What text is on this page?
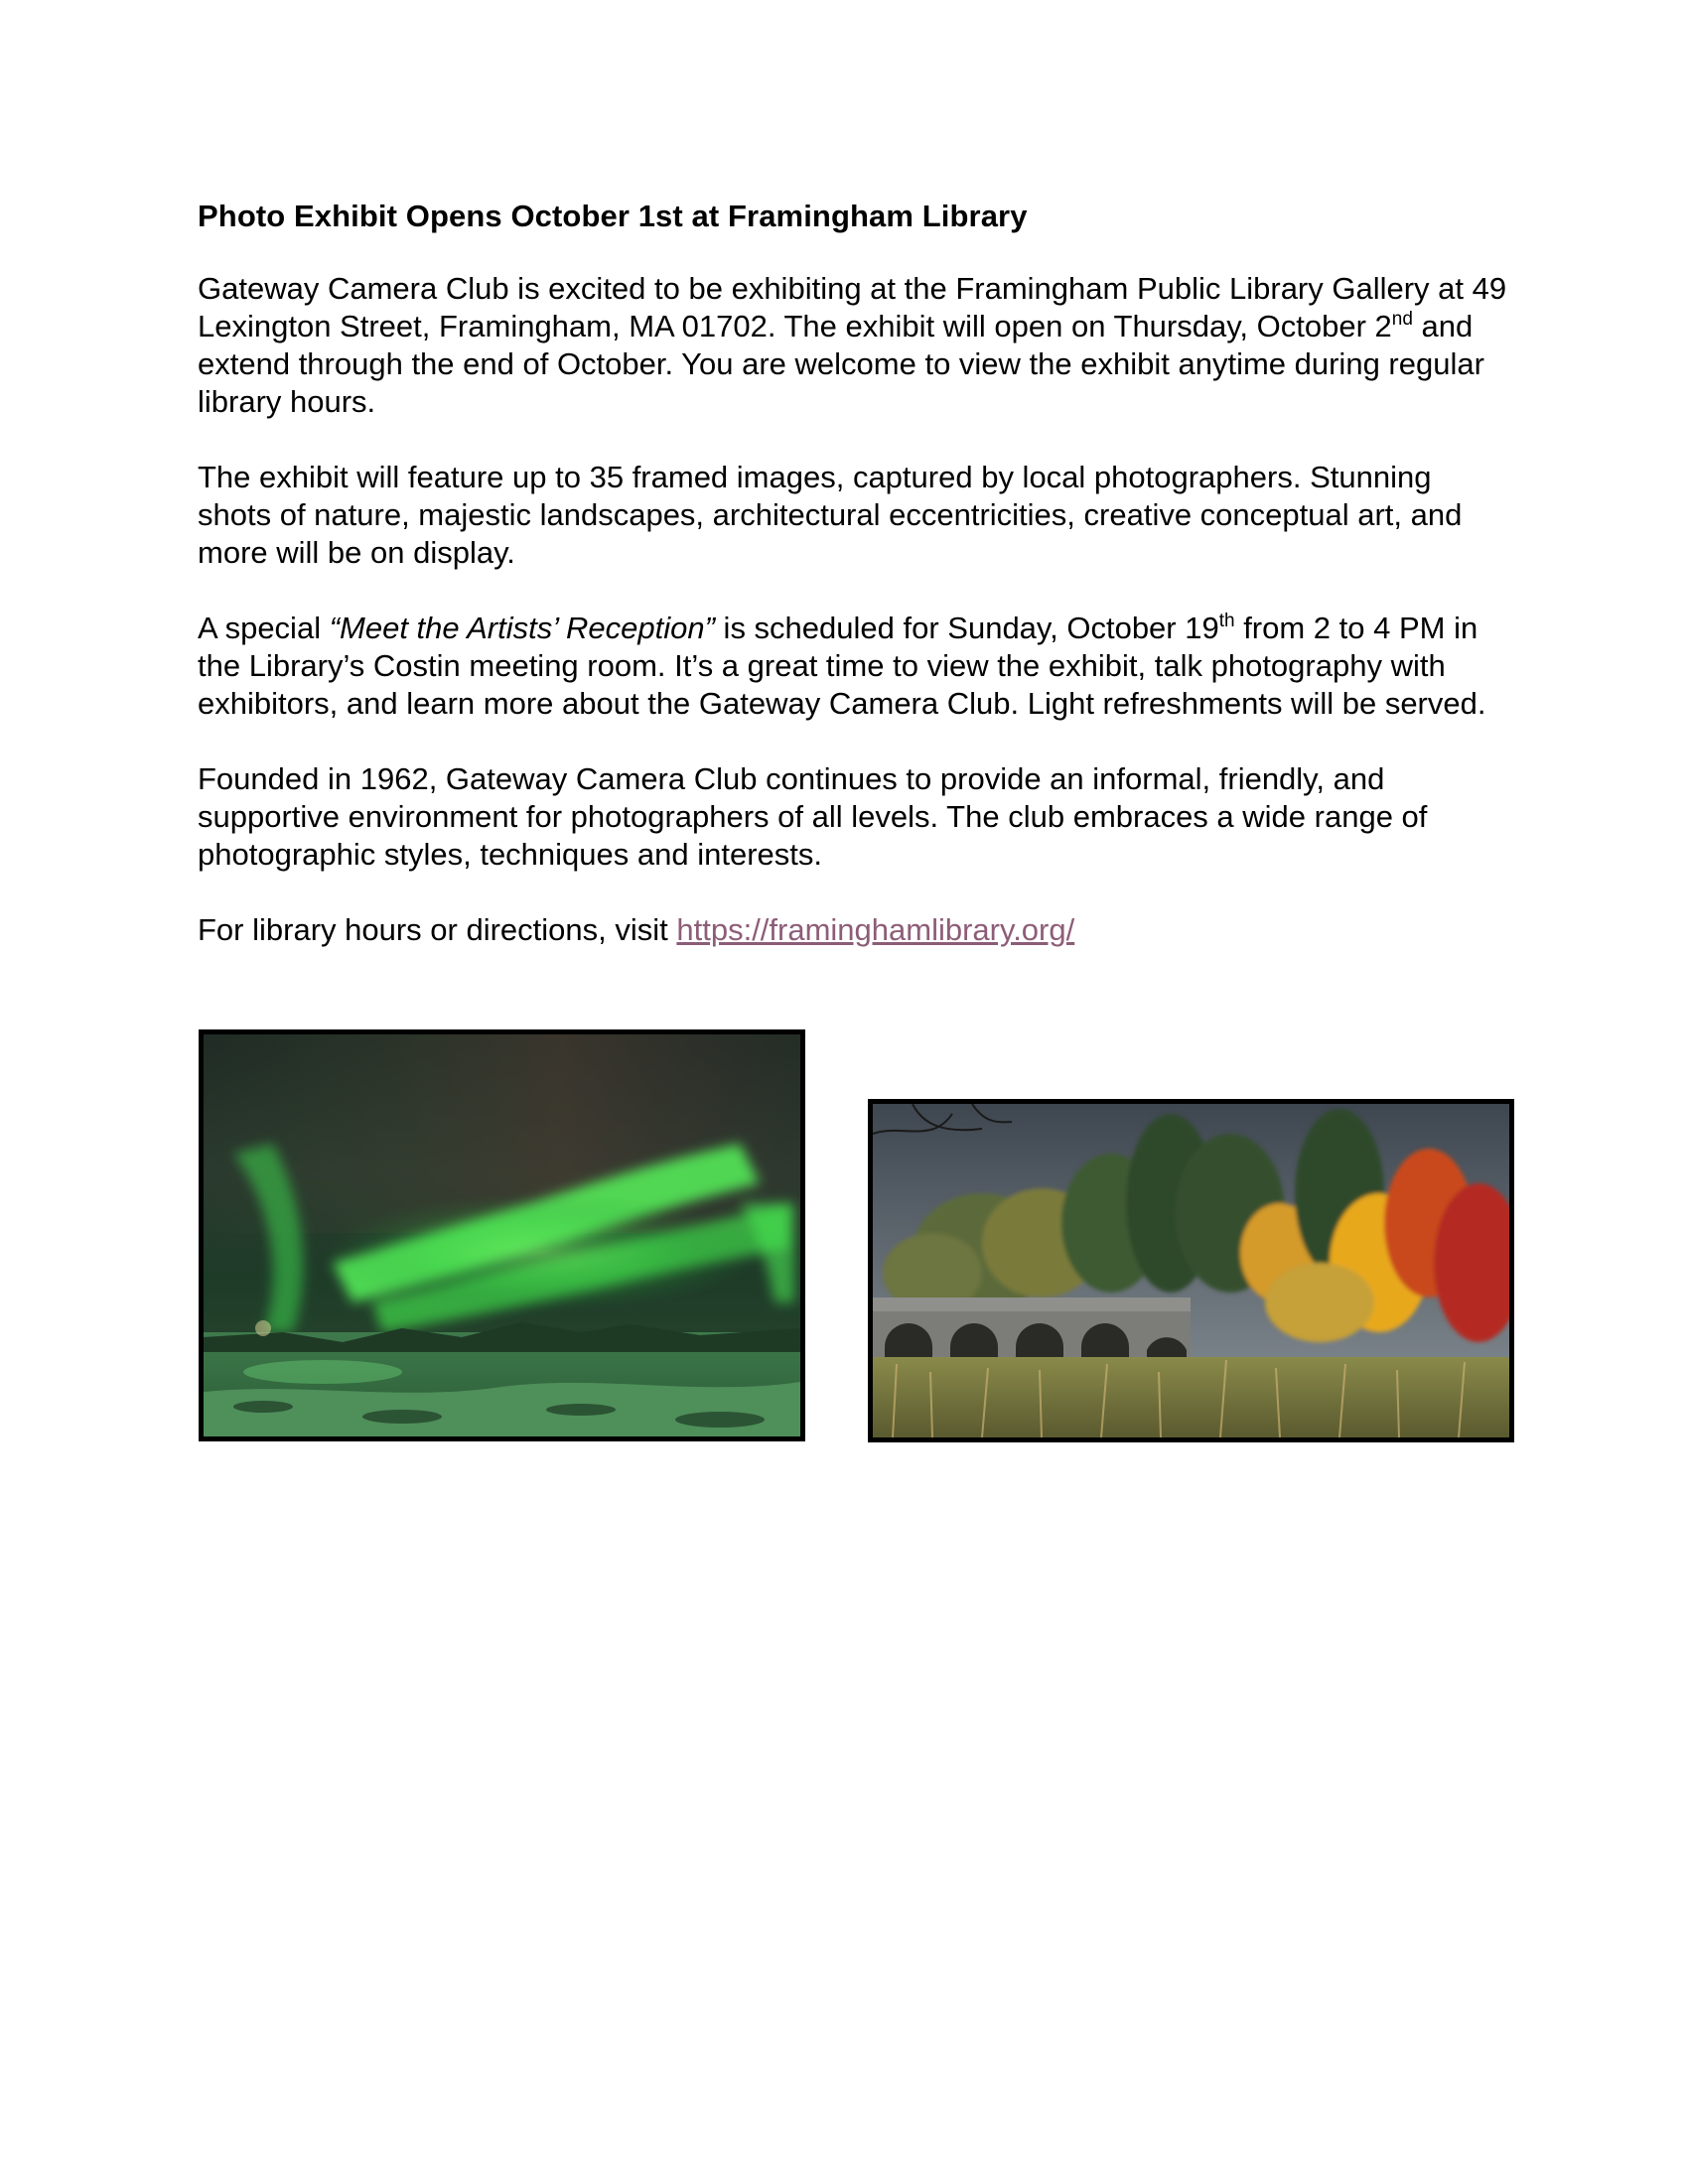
Photo Exhibit Opens October 1st at Framingham Library

Gateway Camera Club is excited to be exhibiting at the Framingham Public Library Gallery at 49 Lexington Street, Framingham, MA 01702. The exhibit will open on Thursday, October 2nd and extend through the end of October. You are welcome to view the exhibit anytime during regular library hours.

The exhibit will feature up to 35 framed images, captured by local photographers. Stunning shots of nature, majestic landscapes, architectural eccentricities, creative conceptual art, and more will be on display.

A special “Meet the Artists’ Reception” is scheduled for Sunday, October 19th from 2 to 4 PM in the Library’s Costin meeting room. It’s a great time to view the exhibit, talk photography with exhibitors, and learn more about the Gateway Camera Club. Light refreshments will be served.

Founded in 1962, Gateway Camera Club continues to provide an informal, friendly, and supportive environment for photographers of all levels. The club embraces a wide range of photographic styles, techniques and interests.

For library hours or directions, visit https://framinghamlibrary.org/
